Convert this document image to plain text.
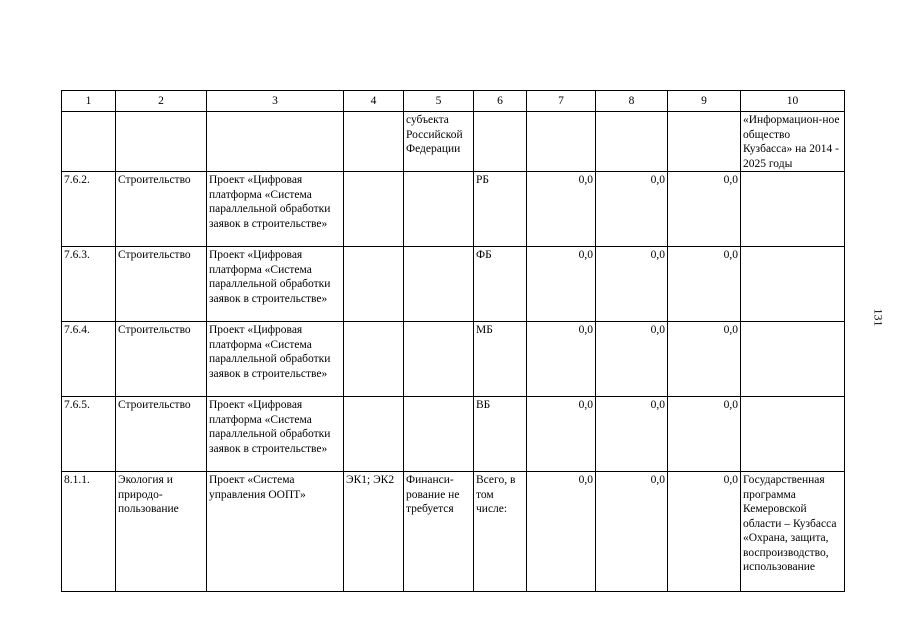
1	2	3	4	5	6	7	8	9	10
				субъекта Российской Федерации					«Информацион-ное общество Кузбасса» на 2014 - 2025 годы
7.6.2.	Строительство	Проект «Цифровая платформа «Система параллельной обработки заявок в строительстве»			РБ	0,0	0,0	0,0	
7.6.3.	Строительство	Проект «Цифровая платформа «Система параллельной обработки заявок в строительстве»			ФБ	0,0	0,0	0,0	
7.6.4.	Строительство	Проект «Цифровая платформа «Система параллельной обработки заявок в строительстве»			МБ	0,0	0,0	0,0	
7.6.5.	Строительство	Проект «Цифровая платформа «Система параллельной обработки заявок в строительстве»			ВБ	0,0	0,0	0,0	
8.1.1.	Экология и природо-пользование	Проект «Система управления ООПТ»	ЭК1; ЭК2	Финанси-рование не требуется	Всего, в том числе:	0,0	0,0	0,0	Государственная программа Кемеровской области – Кузбасса «Охрана, защита, воспроизводство, использование
131
